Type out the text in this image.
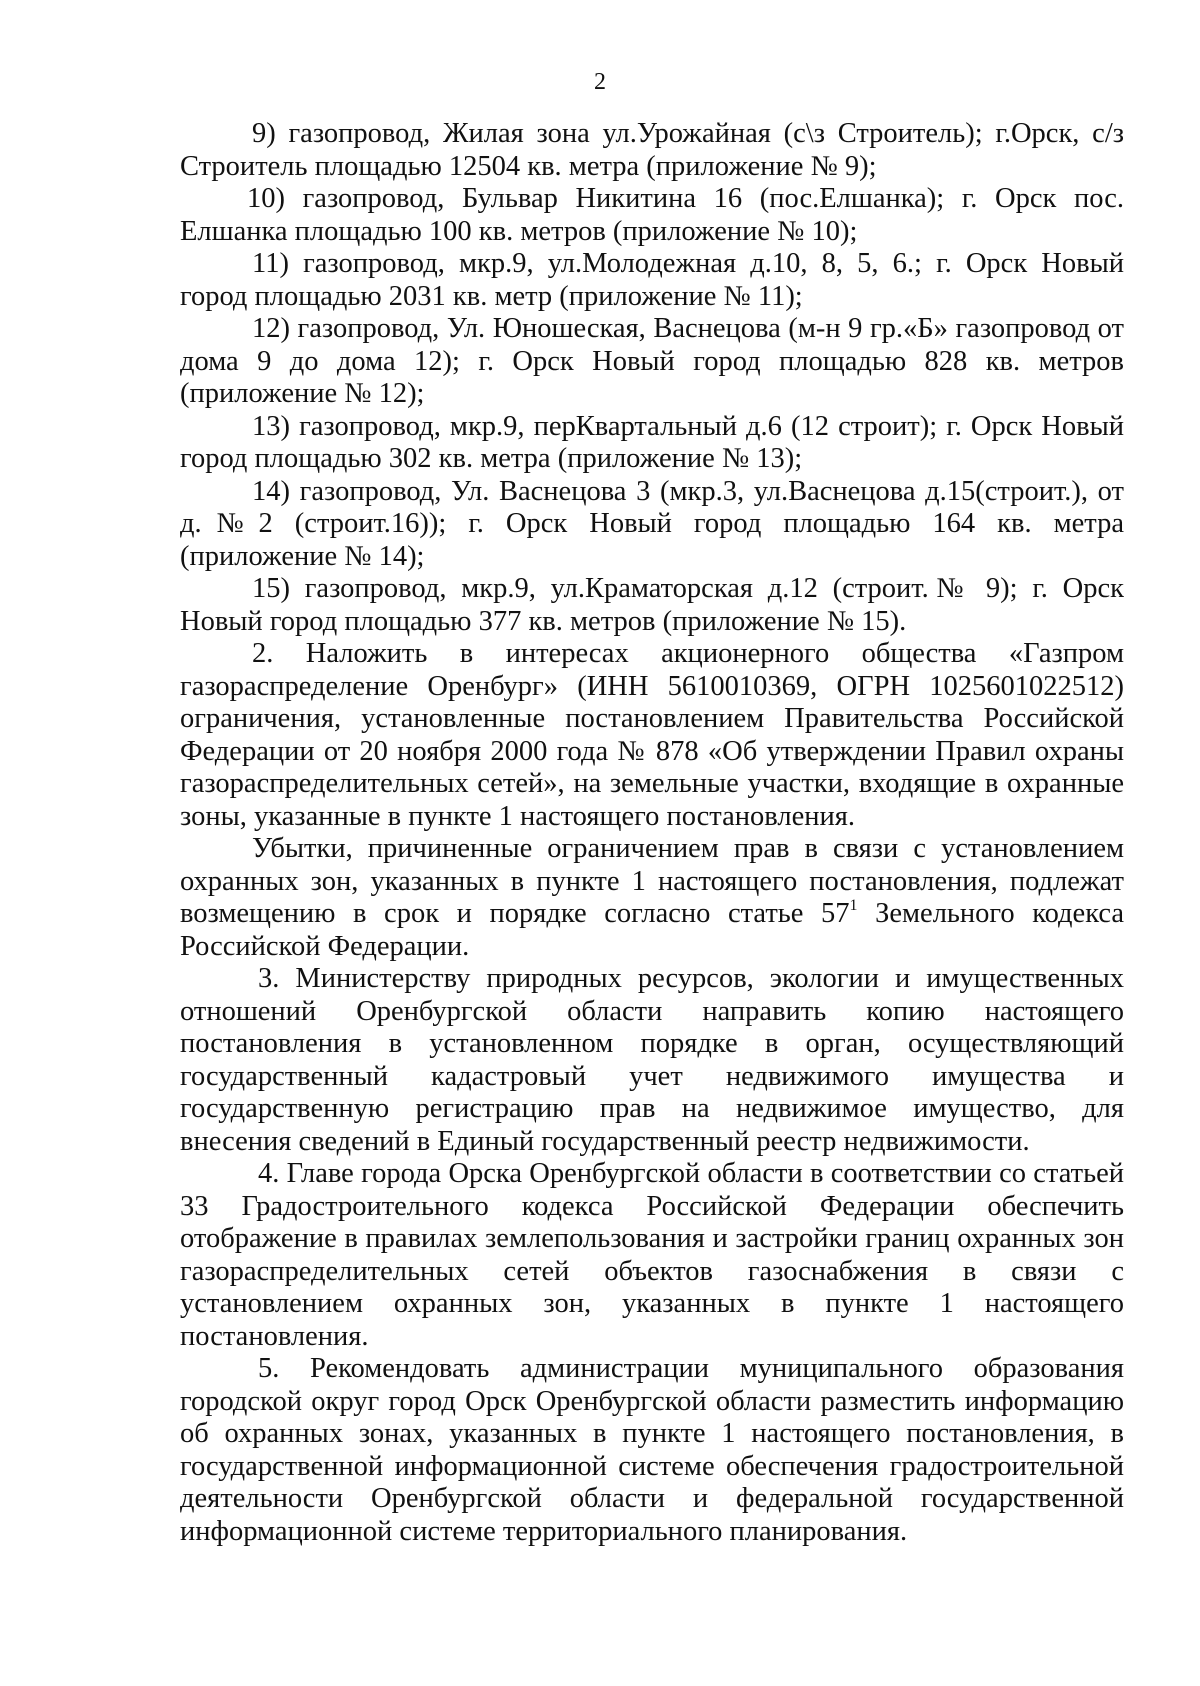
2

9) газопровод, Жилая зона ул.Урожайная (c\з Строитель); г.Орск, с/з Строитель площадью 12504 кв. метра (приложение № 9);

10) газопровод, Бульвар Никитина 16 (пос.Елшанка); г. Орск пос. Елшанка площадью 100 кв. метров (приложение № 10);

11) газопровод, мкр.9, ул.Молодежная д.10, 8, 5, 6.; г. Орск Новый город площадью 2031 кв. метр (приложение № 11);

12) газопровод, Ул. Юношеская, Васнецова (м-н 9 гр.«Б» газопровод от дома 9 до дома 12); г. Орск Новый город площадью 828 кв. метров (приложение № 12);

13) газопровод, мкр.9, перКвартальный д.6 (12 строит); г. Орск Новый город площадью 302 кв. метра (приложение № 13);

14) газопровод, Ул. Васнецова 3 (мкр.3, ул.Васнецова д.15(строит.), от д.№2 (строит.16)); г. Орск Новый город площадью 164 кв. метра (приложение № 14);

15) газопровод, мкр.9, ул.Краматорская д.12 (строит.№ 9); г. Орск Новый город площадью 377 кв. метров (приложение № 15).

2. Наложить в интересах акционерного общества «Газпром газораспределение Оренбург» (ИНН 5610010369, ОГРН 1025601022512) ограничения, установленные постановлением Правительства Российской Федерации от 20 ноября 2000 года № 878 «Об утверждении Правил охраны газораспределительных сетей», на земельные участки, входящие в охранные зоны, указанные в пункте 1 настоящего постановления.

Убытки, причиненные ограничением прав в связи с установлением охранных зон, указанных в пункте 1 настоящего постановления, подлежат возмещению в срок и порядке согласно статье $57^1$ Земельного кодекса Российской Федерации.

3. Министерству природных ресурсов, экологии и имущественных отношений Оренбургской области направить копию настоящего постановления в установленном порядке в орган, осуществляющий государственный кадастровый учет недвижимого имущества и государственную регистрацию прав на недвижимое имущество, для внесения сведений в Единый государственный реестр недвижимости.

4. Главе города Орска Оренбургской области в соответствии со статьей 33 Градостроительного кодекса Российской Федерации обеспечить отображение в правилах землепользования и застройки границ охранных зон газораспределительных сетей объектов газоснабжения в связи с установлением охранных зон, указанных в пункте 1 настоящего постановления.

5. Рекомендовать администрации муниципального образования городской округ город Орск Оренбургской области разместить информацию об охранных зонах, указанных в пункте 1 настоящего постановления, в государственной информационной системе обеспечения градостроительной деятельности Оренбургской области и федеральной государственной информационной системе территориального планирования.
